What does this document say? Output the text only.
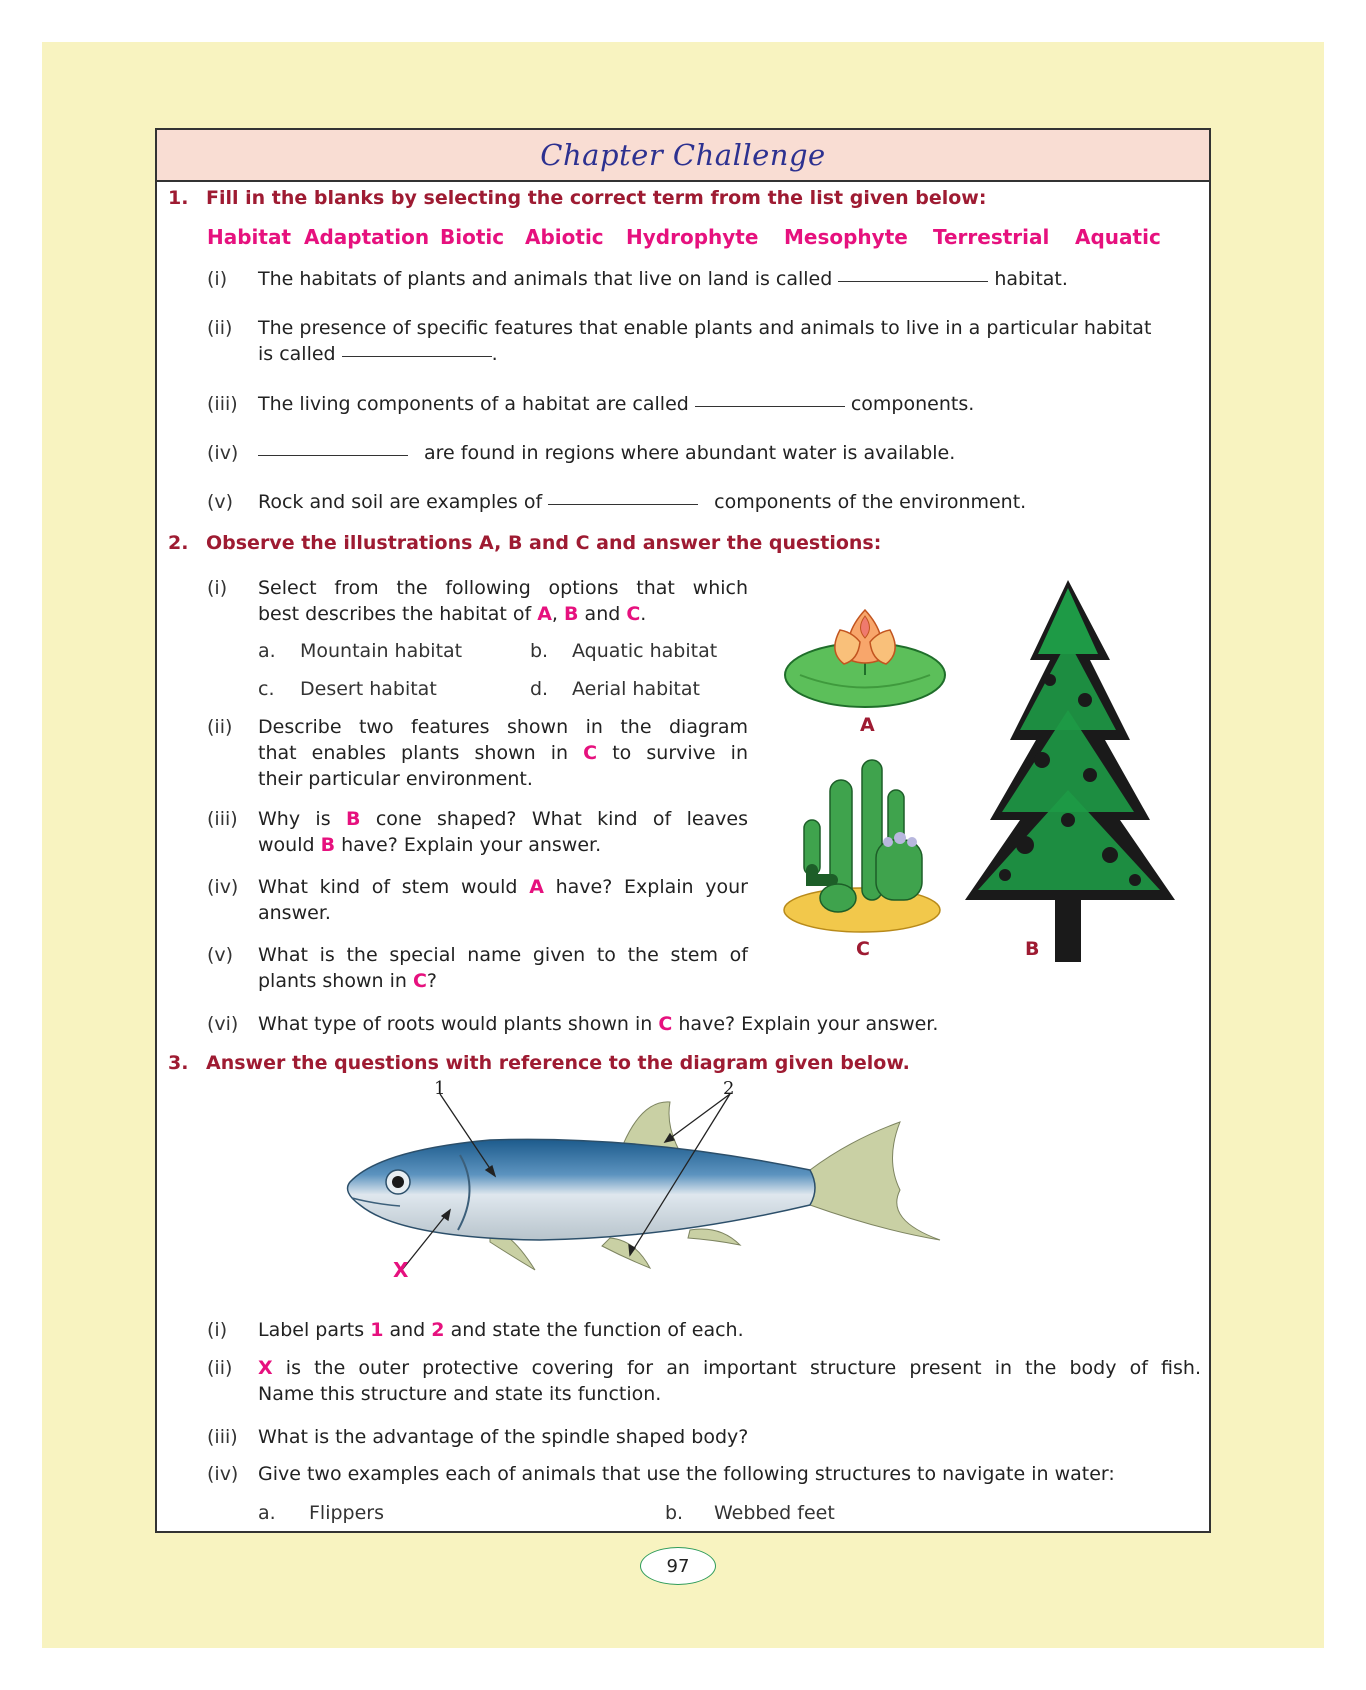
Chapter Challenge
1. Fill in the blanks by selecting the correct term from the list given below:
Habitat Adaptation Biotic Abiotic Hydrophyte Mesophyte Terrestrial Aquatic
(i) The habitats of plants and animals that live on land is called	habitat.
(ii) The presence of specific features that enable plants and animals to live in a particular habitat
is called	.
(iii) The living components of a habitat are called	components.
(iv)	are found in regions where abundant water is available.
(v) Rock and soil are examples of	components of the environment.
2. Observe the illustrations A, B and C and answer the questions:
(i) Select from the following options that which
best describes the habitat of A, B and C.
a. Mountain habitat	b. Aquatic habitat
c. Desert habitat	d. Aerial habitat
(ii) Describe two features shown in the diagram
that enables plants shown in C to survive in
their particular environment.
(iii) Why is B cone shaped? What kind of leaves
would B have? Explain your answer.
(iv) What kind of stem would A have? Explain your
answer.
(v) What is the special name given to the stem of
plants shown in C?
(vi) What type of roots would plants shown in C have? Explain your answer.
A
B
C
3. Answer the questions with reference to the diagram given below.
1	2
X
(i) Label parts 1 and 2 and state the function of each.
(ii) X is the outer protective covering for an important structure present in the body of fish.
Name this structure and state its function.
(iii) What is the advantage of the spindle shaped body?
(iv) Give two examples each of animals that use the following structures to navigate in water:
a. Flippers	b. Webbed feet
97
